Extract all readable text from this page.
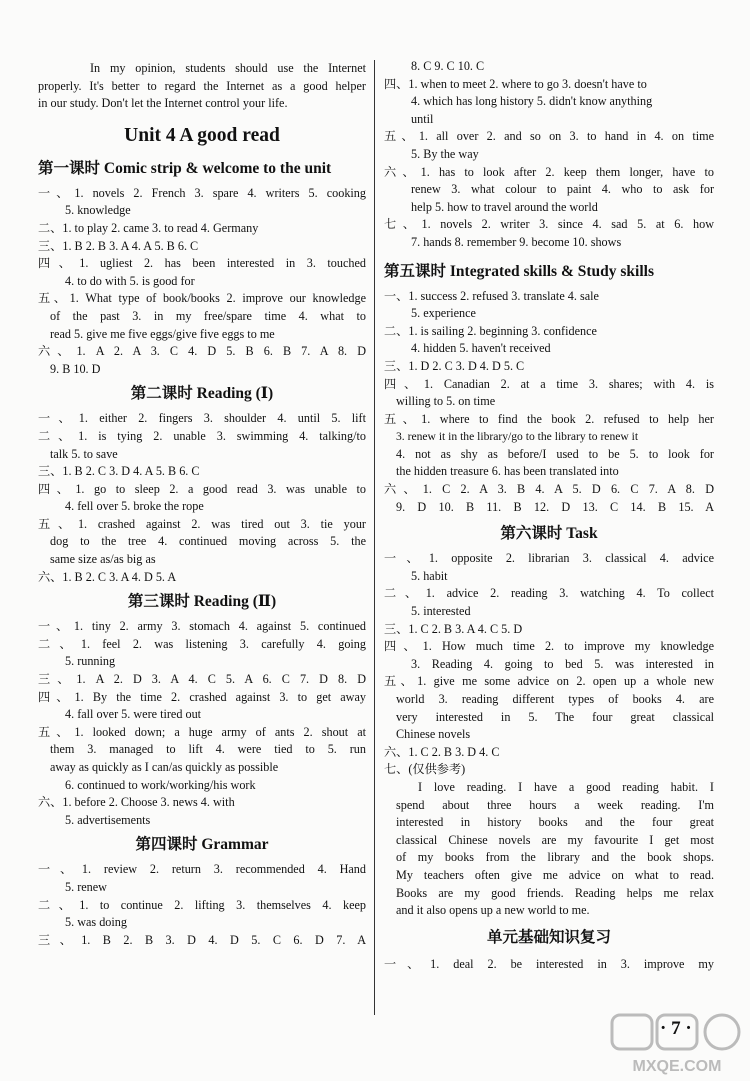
In my opinion, students should use the Internet
properly. It's better to regard the Internet as a good helper
in our study. Don't let the Internet control your life.
Unit 4 A good read
第一课时 Comic strip & welcome to the unit
一、1. novels 2. French 3. spare 4. writers 5. cooking
5. knowledge
二、1. to play 2. came 3. to read 4. Germany
三、1. B 2. B 3. A 4. A 5. B 6. C
四、1. ugliest 2. has been interested in 3. touched
4. to do with 5. is good for
五、1. What type of book/books 2. improve our knowledge
of the past 3. in my free/spare time 4. what to
read 5. give me five eggs/give five eggs to me
六、1. A 2. A 3. C 4. D 5. B 6. B 7. A 8. D
9. B 10. D
第二课时 Reading (Ⅰ)
一、1. either 2. fingers 3. shoulder 4. until 5. lift
二、1. is tying 2. unable 3. swimming 4. talking/to
talk 5. to save
三、1. B 2. C 3. D 4. A 5. B 6. C
四、1. go to sleep 2. a good read 3. was unable to
4. fell over 5. broke the rope
五、1. crashed against 2. was tired out 3. tie your
dog to the tree 4. continued moving across 5. the
same size as/as big as
六、1. B 2. C 3. A 4. D 5. A
第三课时 Reading (Ⅱ)
一、1. tiny 2. army 3. stomach 4. against 5. continued
二、1. feel 2. was listening 3. carefully 4. going
5. running
三、1. A 2. D 3. A 4. C 5. A 6. C 7. D 8. D
四、1. By the time 2. crashed against 3. to get away
4. fall over 5. were tired out
五、1. looked down; a huge army of ants 2. shout at
them 3. managed to lift 4. were tied to 5. run
away as quickly as I can/as quickly as possible
6. continued to work/working/his work
六、1. before 2. Choose 3. news 4. with
5. advertisements
第四课时 Grammar
一、1. review 2. return 3. recommended 4. Hand
5. renew
二、1. to continue 2. lifting 3. themselves 4. keep
5. was doing
三、1. B 2. B 3. D 4. D 5. C 6. D 7. A
8. C 9. C 10. C
四、1. when to meet 2. where to go 3. doesn't have to
4. which has long history 5. didn't know anything
until
五、1. all over 2. and so on 3. to hand in 4. on time
5. By the way
六、1. has to look after 2. keep them longer, have to
renew 3. what colour to paint 4. who to ask for
help 5. how to travel around the world
七、1. novels 2. writer 3. since 4. sad 5. at 6. how
7. hands 8. remember 9. become 10. shows
第五课时 Integrated skills & Study skills
一、1. success 2. refused 3. translate 4. sale
5. experience
二、1. is sailing 2. beginning 3. confidence
4. hidden 5. haven't received
三、1. D 2. C 3. D 4. D 5. C
四、1. Canadian 2. at a time 3. shares; with 4. is
willing to 5. on time
五、1. where to find the book 2. refused to help her
3. renew it in the library/go to the library to renew it
4. not as shy as before/I used to be 5. to look for
the hidden treasure 6. has been translated into
六、1. C 2. A 3. B 4. A 5. D 6. C 7. A 8. D
9. D 10. B 11. B 12. D 13. C 14. B 15. A
第六课时 Task
一、1. opposite 2. librarian 3. classical 4. advice
5. habit
二、1. advice 2. reading 3. watching 4. To collect
5. interested
三、1. C 2. B 3. A 4. C 5. D
四、1. How much time 2. to improve my knowledge
3. Reading 4. going to bed 5. was interested in
五、1. give me some advice on 2. open up a whole new
world 3. reading different types of books 4. are
very interested in 5. The four great classical
Chinese novels
六、1. C 2. B 3. D 4. C
七、(仅供参考)
I love reading. I have a good reading habit. I
spend about three hours a week reading. I'm
interested in history books and the four great
classical Chinese novels are my favourite I get most
of my books from the library and the book shops.
My teachers often give me advice on what to read.
Books are my good friends. Reading helps me relax
and it also opens up a new world to me.
单元基础知识复习
一、1. deal 2. be interested in 3. improve my
· 7 ·
MXQE.COM
